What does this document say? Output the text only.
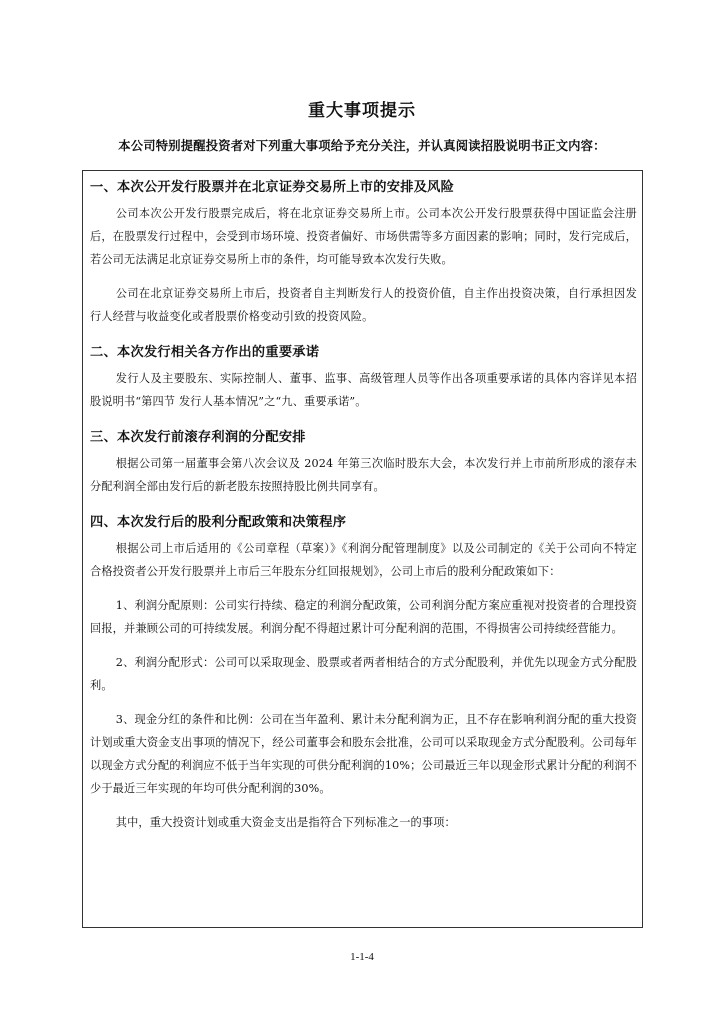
重大事项提示
本公司特别提醒投资者对下列重大事项给予充分关注，并认真阅读招股说明书正文内容：
一、本次公开发行股票并在北京证券交易所上市的安排及风险

公司本次公开发行股票完成后，将在北京证券交易所上市。公司本次公开发行股票获得中国证监会注册后，在股票发行过程中，会受到市场环境、投资者偏好、市场供需等多方面因素的影响；同时，发行完成后，若公司无法满足北京证券交易所上市的条件，均可能导致本次发行失败。

公司在北京证券交易所上市后，投资者自主判断发行人的投资价值，自主作出投资决策，自行承担因发行人经营与收益变化或者股票价格变动引致的投资风险。

二、本次发行相关各方作出的重要承诺

发行人及主要股东、实际控制人、董事、监事、高级管理人员等作出各项重要承诺的具体内容详见本招股说明书“第四节 发行人基本情况”之“九、重要承诺”。

三、本次发行前滚存利润的分配安排

根据公司第一届董事会第八次会议及 2024 年第三次临时股东大会，本次发行并上市前所形成的滚存未分配利润全部由发行后的新老股东按照持股比例共同享有。

四、本次发行后的股利分配政策和决策程序

根据公司上市后适用的《公司章程（草案）》《利润分配管理制度》以及公司制定的《关于公司向不特定合格投资者公开发行股票并上市后三年股东分红回报规划》，公司上市后的股利分配政策如下：

1、利润分配原则：公司实行持续、稳定的利润分配政策，公司利润分配方案应重视对投资者的合理投资回报，并兼顾公司的可持续发展。利润分配不得超过累计可分配利润的范围，不得损害公司持续经营能力。

2、利润分配形式：公司可以采取现金、股票或者两者相结合的方式分配股利，并优先以现金方式分配股利。

3、现金分红的条件和比例：公司在当年盈利、累计未分配利润为正，且不存在影响利润分配的重大投资计划或重大资金支出事项的情况下，经公司董事会和股东会批准，公司可以采取现金方式分配股利。公司每年以现金方式分配的利润应不低于当年实现的可供分配利润的10%；公司最近三年以现金形式累计分配的利润不少于最近三年实现的年均可供分配利润的30%。

其中，重大投资计划或重大资金支出是指符合下列标准之一的事项：

1-1-4
